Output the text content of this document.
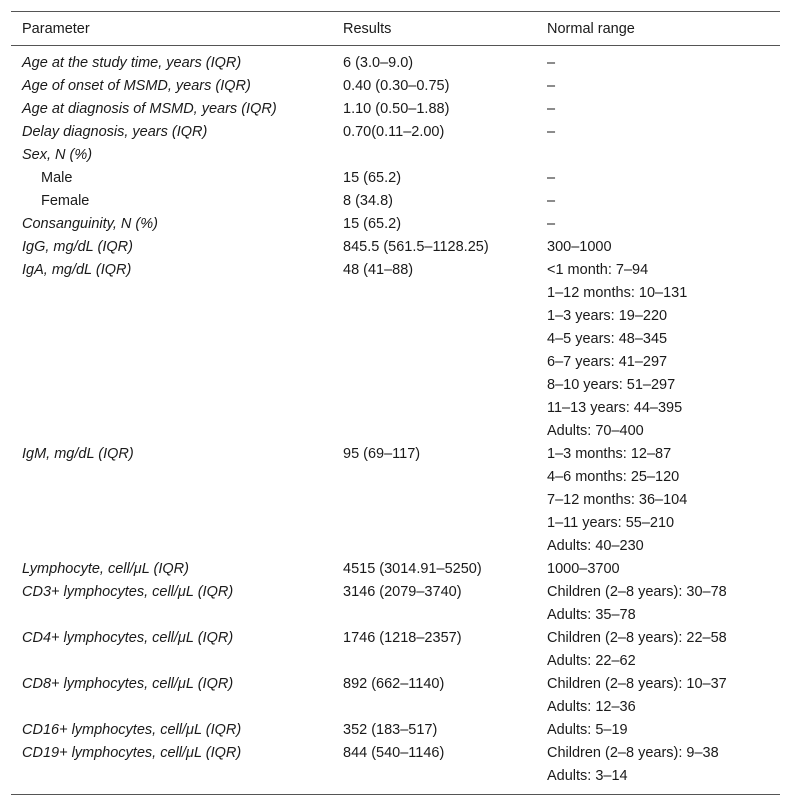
Parameter	Results	Normal range
Age at the study time, years (IQR)	6 (3.0–9.0)	–
Age of onset of MSMD, years (IQR)	0.40 (0.30–0.75)	–
Age at diagnosis of MSMD, years (IQR)	1.10 (0.50–1.88)	–
Delay diagnosis, years (IQR)	0.70(0.11–2.00)	–
Sex, N (%)
Male	15 (65.2)	–
Female	8 (34.8)	–
Consanguinity, N (%)	15 (65.2)	–
IgG, mg/dL (IQR)	845.5 (561.5–1128.25)	300–1000
IgA, mg/dL (IQR)	48 (41–88)	<1 month: 7–94
1–12 months: 10–131
1–3 years: 19–220
4–5 years: 48–345
6–7 years: 41–297
8–10 years: 51–297
11–13 years: 44–395
Adults: 70–400
IgM, mg/dL (IQR)	95 (69–117)	1–3 months: 12–87
4–6 months: 25–120
7–12 months: 36–104
1–11 years: 55–210
Adults: 40–230
Lymphocyte, cell/μL (IQR)	4515 (3014.91–5250)	1000–3700
CD3+ lymphocytes, cell/μL (IQR)	3146 (2079–3740)	Children (2–8 years): 30–78
Adults: 35–78
CD4+ lymphocytes, cell/μL (IQR)	1746 (1218–2357)	Children (2–8 years): 22–58
Adults: 22–62
CD8+ lymphocytes, cell/μL (IQR)	892 (662–1140)	Children (2–8 years): 10–37
Adults: 12–36
CD16+ lymphocytes, cell/μL (IQR)	352 (183–517)	Adults: 5–19
CD19+ lymphocytes, cell/μL (IQR)	844 (540–1146)	Children (2–8 years): 9–38
Adults: 3–14
